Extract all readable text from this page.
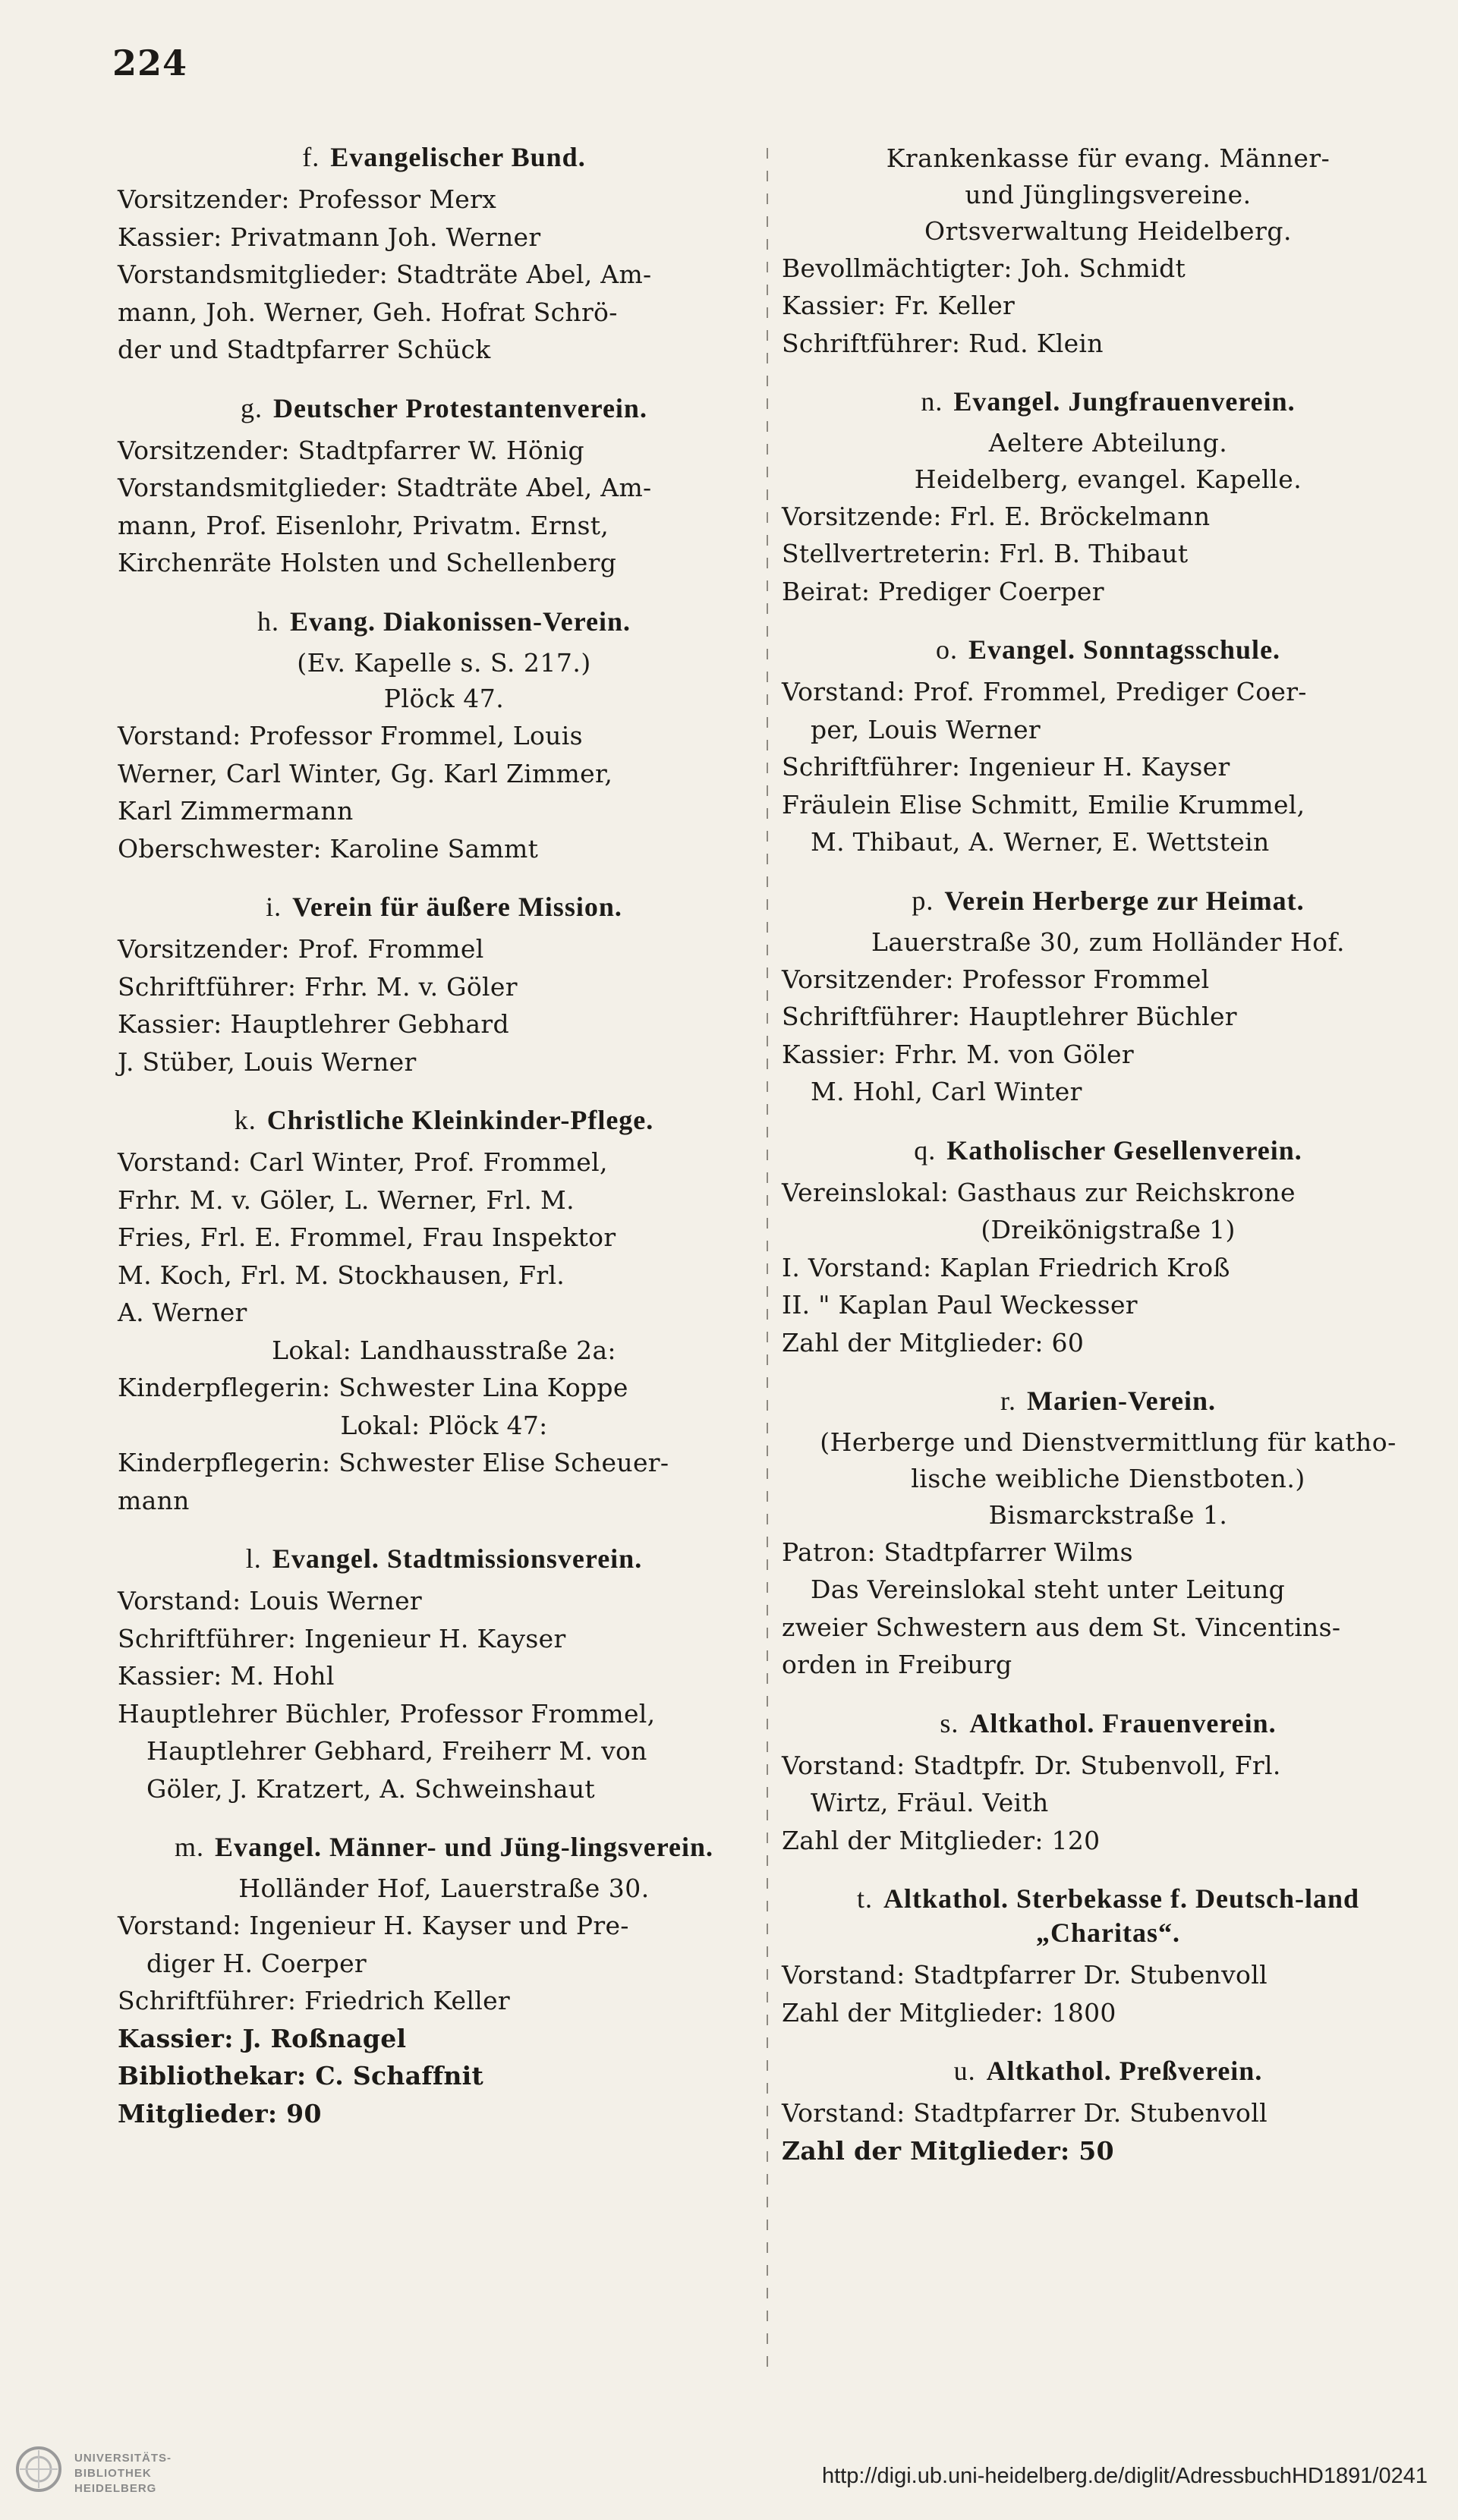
224
f. Evangelischer Bund.
Vorsitzender: Professor Merx
Kassier: Privatmann Joh. Werner
Vorstandsmitglieder: Stadträte Abel, Am-
mann, Joh. Werner, Geh. Hofrat Schrö-
der und Stadtpfarrer Schück
g. Deutscher Protestantenverein.
Vorsitzender: Stadtpfarrer W. Hönig
Vorstandsmitglieder: Stadträte Abel, Am-
mann, Prof. Eisenlohr, Privatm. Ernst,
Kirchenräte Holsten und Schellenberg
h. Evang. Diakonissen-Verein.
(Ev. Kapelle s. S. 217.)
Plöck 47.
Vorstand: Professor Frommel, Louis
Werner, Carl Winter, Gg. Karl Zimmer,
Karl Zimmermann
Oberschwester: Karoline Sammt
i. Verein für äußere Mission.
Vorsitzender: Prof. Frommel
Schriftführer: Frhr. M. v. Göler
Kassier: Hauptlehrer Gebhard
J. Stüber, Louis Werner
k. Christliche Kleinkinder-Pflege.
Vorstand: Carl Winter, Prof. Frommel,
Frhr. M. v. Göler, L. Werner, Frl. M.
Fries, Frl. E. Frommel, Frau Inspektor
M. Koch, Frl. M. Stockhausen, Frl.
A. Werner
Lokal: Landhausstraße 2a:
Kinderpflegerin: Schwester Lina Koppe
Lokal: Plöck 47:
Kinderpflegerin: Schwester Elise Scheuer-
mann
l. Evangel. Stadtmissionsverein.
Vorstand: Louis Werner
Schriftführer: Ingenieur H. Kayser
Kassier: M. Hohl
Hauptlehrer Büchler, Professor Frommel,
Hauptlehrer Gebhard, Freiherr M. von
Göler, J. Kratzert, A. Schweinshaut
m. Evangel. Männer- und Jüng-lingsverein.
Holländer Hof, Lauerstraße 30.
Vorstand: Ingenieur H. Kayser und Pre-
diger H. Coerper
Schriftführer: Friedrich Keller
Kassier: J. Roßnagel
Bibliothekar: C. Schaffnit
Mitglieder: 90
Krankenkasse für evang. Männer-
und Jünglingsvereine.
Ortsverwaltung Heidelberg.
Bevollmächtigter: Joh. Schmidt
Kassier: Fr. Keller
Schriftführer: Rud. Klein
n. Evangel. Jungfrauenverein.
Aeltere Abteilung.
Heidelberg, evangel. Kapelle.
Vorsitzende: Frl. E. Bröckelmann
Stellvertreterin: Frl. B. Thibaut
Beirat: Prediger Coerper
o. Evangel. Sonntagsschule.
Vorstand: Prof. Frommel, Prediger Coer-
per, Louis Werner
Schriftführer: Ingenieur H. Kayser
Fräulein Elise Schmitt, Emilie Krummel,
M. Thibaut, A. Werner, E. Wettstein
p. Verein Herberge zur Heimat.
Lauerstraße 30, zum Holländer Hof.
Vorsitzender: Professor Frommel
Schriftführer: Hauptlehrer Büchler
Kassier: Frhr. M. von Göler
M. Hohl, Carl Winter
q. Katholischer Gesellenverein.
Vereinslokal: Gasthaus zur Reichskrone
(Dreikönigstraße 1)
I. Vorstand: Kaplan Friedrich Kroß
II. " Kaplan Paul Weckesser
Zahl der Mitglieder: 60
r. Marien-Verein.
(Herberge und Dienstvermittlung für katho-
lische weibliche Dienstboten.)
Bismarckstraße 1.
Patron: Stadtpfarrer Wilms
Das Vereinslokal steht unter Leitung
zweier Schwestern aus dem St. Vincentins-
orden in Freiburg
s. Altkathol. Frauenverein.
Vorstand: Stadtpfr. Dr. Stubenvoll, Frl.
Wirtz, Fräul. Veith
Zahl der Mitglieder: 120
t. Altkathol. Sterbekasse f. Deutsch-land „Charitas“.
Vorstand: Stadtpfarrer Dr. Stubenvoll
Zahl der Mitglieder: 1800
u. Altkathol. Preßverein.
Vorstand: Stadtpfarrer Dr. Stubenvoll
Zahl der Mitglieder: 50
UNIVERSITÄTS-
BIBLIOTHEK
HEIDELBERG
http://digi.ub.uni-heidelberg.de/diglit/AdressbuchHD1891/0241
